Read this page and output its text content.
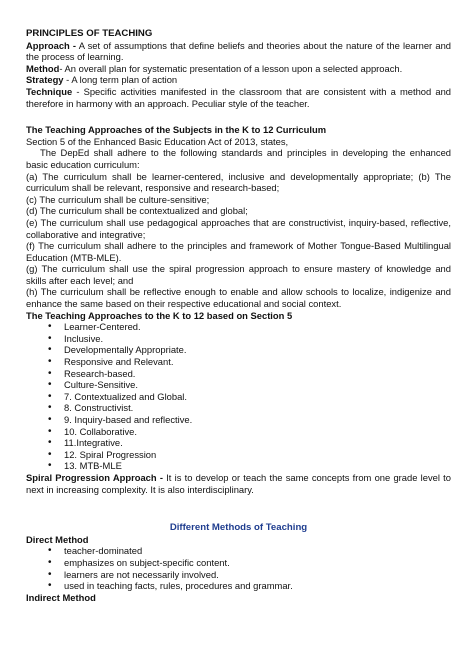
PRINCIPLES OF TEACHING

Approach - A set of assumptions that define beliefs and theories about the nature of the learner and the process of learning.

Method- An overall plan for systematic presentation of a lesson upon a selected approach.

Strategy - A long term plan of action

Technique - Specific activities manifested in the classroom that are consistent with a method and therefore in harmony with an approach. Peculiar style of the teacher.

The Teaching Approaches of the Subjects in the K to 12 Curriculum

Section 5 of the Enhanced Basic Education Act of 2013, states,

The DepEd shall adhere to the following standards and principles in developing the enhanced basic education curriculum:

(a) The curriculum shall be learner-centered, inclusive and developmentally appropriate; (b) The curriculum shall be relevant, responsive and research-based;

(c) The curriculum shall be culture-sensitive;

(d) The curriculum shall be contextualized and global;

(e) The curriculum shall use pedagogical approaches that are constructivist, inquiry-based, reflective, collaborative and integrative;

(f) The curriculum shall adhere to the principles and framework of Mother Tongue-Based Multilingual Education (MTB-MLE).

(g) The curriculum shall use the spiral progression approach to ensure mastery of knowledge and skills after each level; and

(h) The curriculum shall be reflective enough to enable and allow schools to localize, indigenize and enhance the same based on their respective educational and social context.

The Teaching Approaches to the K to 12 based on Section 5

• Learner-Centered.
• Inclusive.
• Developmentally Appropriate.
• Responsive and Relevant.
• Research-based.
• Culture-Sensitive.
• 7. Contextualized and Global.
• 8. Constructivist.
• 9. Inquiry-based and reflective.
• 10. Collaborative.
• 11.Integrative.
• 12. Spiral Progression
• 13. MTB-MLE

Spiral Progression Approach - It is to develop or teach the same concepts from one grade level to next in increasing complexity. It is also interdisciplinary.

Different Methods of Teaching

Direct Method

• teacher-dominated
• emphasizes on subject-specific content.
• learners are not necessarily involved.
• used in teaching facts, rules, procedures and grammar.

Indirect Method
